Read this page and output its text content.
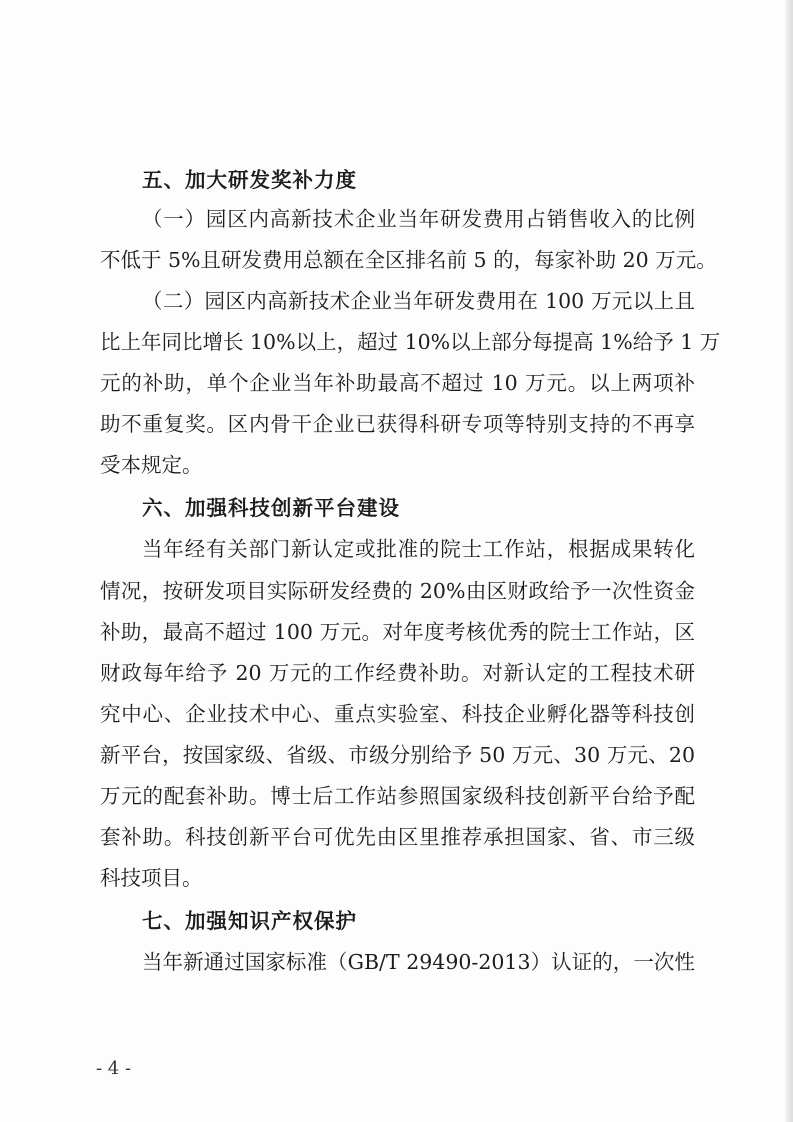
五、加大研发奖补力度
（一）园区内高新技术企业当年研发费用占销售收入的比例
不低于 5%且研发费用总额在全区排名前 5 的，每家补助 20 万元。
（二）园区内高新技术企业当年研发费用在 100 万元以上且
比上年同比增长 10%以上，超过 10%以上部分每提高 1%给予 1 万
元的补助，单个企业当年补助最高不超过 10 万元。以上两项补
助不重复奖。区内骨干企业已获得科研专项等特别支持的不再享
受本规定。
六、加强科技创新平台建设
当年经有关部门新认定或批准的院士工作站，根据成果转化
情况，按研发项目实际研发经费的 20%由区财政给予一次性资金
补助，最高不超过 100 万元。对年度考核优秀的院士工作站，区
财政每年给予 20 万元的工作经费补助。对新认定的工程技术研
究中心、企业技术中心、重点实验室、科技企业孵化器等科技创
新平台，按国家级、省级、市级分别给予 50 万元、30 万元、20
万元的配套补助。博士后工作站参照国家级科技创新平台给予配
套补助。科技创新平台可优先由区里推荐承担国家、省、市三级
科技项目。
七、加强知识产权保护
当年新通过国家标准（GB/T 29490-2013）认证的，一次性
- 4 -
